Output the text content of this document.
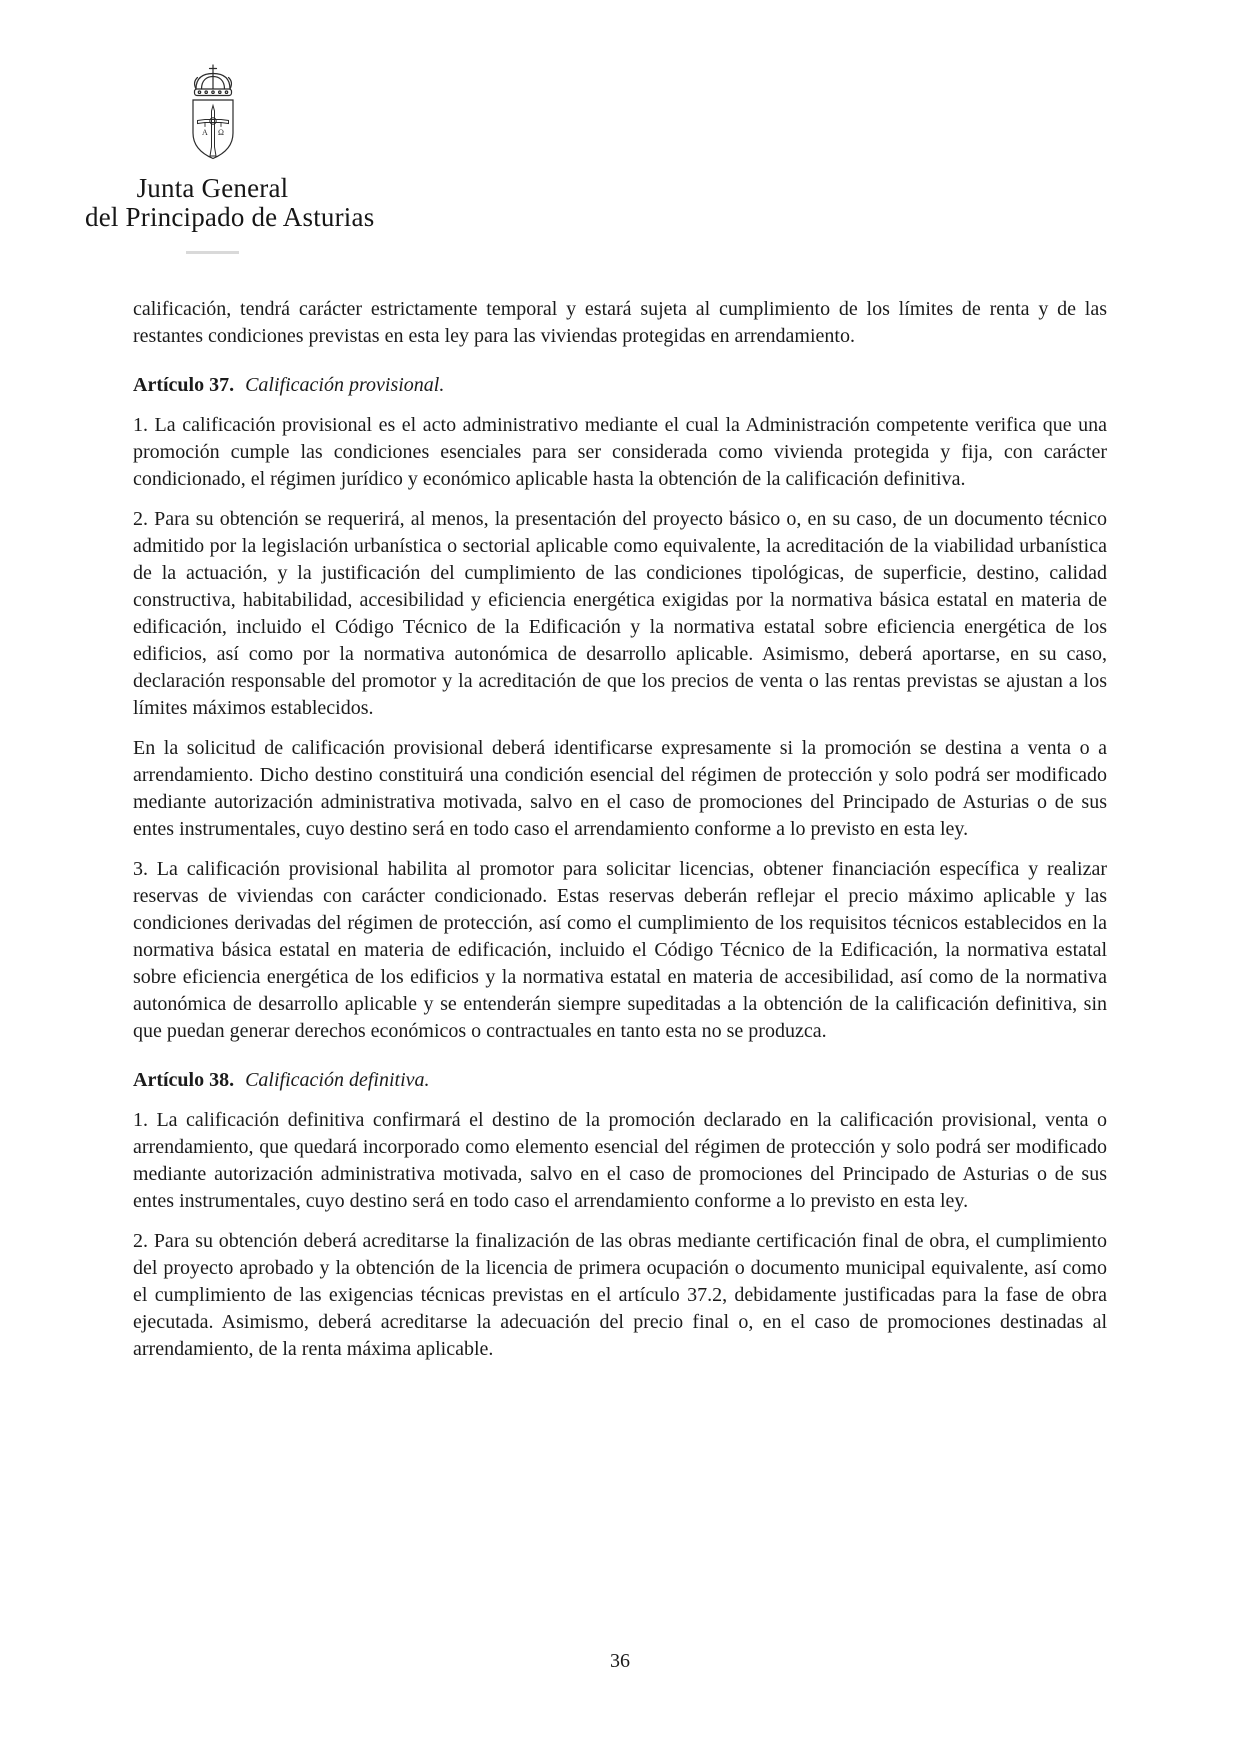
Α Ω
Junta General
del Principado de Asturias

calificación, tendrá carácter estrictamente temporal y estará sujeta al cumplimiento de los límites de renta y de las restantes condiciones previstas en esta ley para las viviendas protegidas en arrendamiento.

Artículo 37. Calificación provisional.

1. La calificación provisional es el acto administrativo mediante el cual la Administración competente verifica que una promoción cumple las condiciones esenciales para ser considerada como vivienda protegida y fija, con carácter condicionado, el régimen jurídico y económico aplicable hasta la obtención de la calificación definitiva.

2. Para su obtención se requerirá, al menos, la presentación del proyecto básico o, en su caso, de un documento técnico admitido por la legislación urbanística o sectorial aplicable como equivalente, la acreditación de la viabilidad urbanística de la actuación, y la justificación del cumplimiento de las condiciones tipológicas, de superficie, destino, calidad constructiva, habitabilidad, accesibilidad y eficiencia energética exigidas por la normativa básica estatal en materia de edificación, incluido el Código Técnico de la Edificación y la normativa estatal sobre eficiencia energética de los edificios, así como por la normativa autonómica de desarrollo aplicable. Asimismo, deberá aportarse, en su caso, declaración responsable del promotor y la acreditación de que los precios de venta o las rentas previstas se ajustan a los límites máximos establecidos.

En la solicitud de calificación provisional deberá identificarse expresamente si la promoción se destina a venta o a arrendamiento. Dicho destino constituirá una condición esencial del régimen de protección y solo podrá ser modificado mediante autorización administrativa motivada, salvo en el caso de promociones del Principado de Asturias o de sus entes instrumentales, cuyo destino será en todo caso el arrendamiento conforme a lo previsto en esta ley.

3. La calificación provisional habilita al promotor para solicitar licencias, obtener financiación específica y realizar reservas de viviendas con carácter condicionado. Estas reservas deberán reflejar el precio máximo aplicable y las condiciones derivadas del régimen de protección, así como el cumplimiento de los requisitos técnicos establecidos en la normativa básica estatal en materia de edificación, incluido el Código Técnico de la Edificación, la normativa estatal sobre eficiencia energética de los edificios y la normativa estatal en materia de accesibilidad, así como de la normativa autonómica de desarrollo aplicable y se entenderán siempre supeditadas a la obtención de la calificación definitiva, sin que puedan generar derechos económicos o contractuales en tanto esta no se produzca.

Artículo 38. Calificación definitiva.

1. La calificación definitiva confirmará el destino de la promoción declarado en la calificación provisional, venta o arrendamiento, que quedará incorporado como elemento esencial del régimen de protección y solo podrá ser modificado mediante autorización administrativa motivada, salvo en el caso de promociones del Principado de Asturias o de sus entes instrumentales, cuyo destino será en todo caso el arrendamiento conforme a lo previsto en esta ley.

2. Para su obtención deberá acreditarse la finalización de las obras mediante certificación final de obra, el cumplimiento del proyecto aprobado y la obtención de la licencia de primera ocupación o documento municipal equivalente, así como el cumplimiento de las exigencias técnicas previstas en el artículo 37.2, debidamente justificadas para la fase de obra ejecutada. Asimismo, deberá acreditarse la adecuación del precio final o, en el caso de promociones destinadas al arrendamiento, de la renta máxima aplicable.

36
